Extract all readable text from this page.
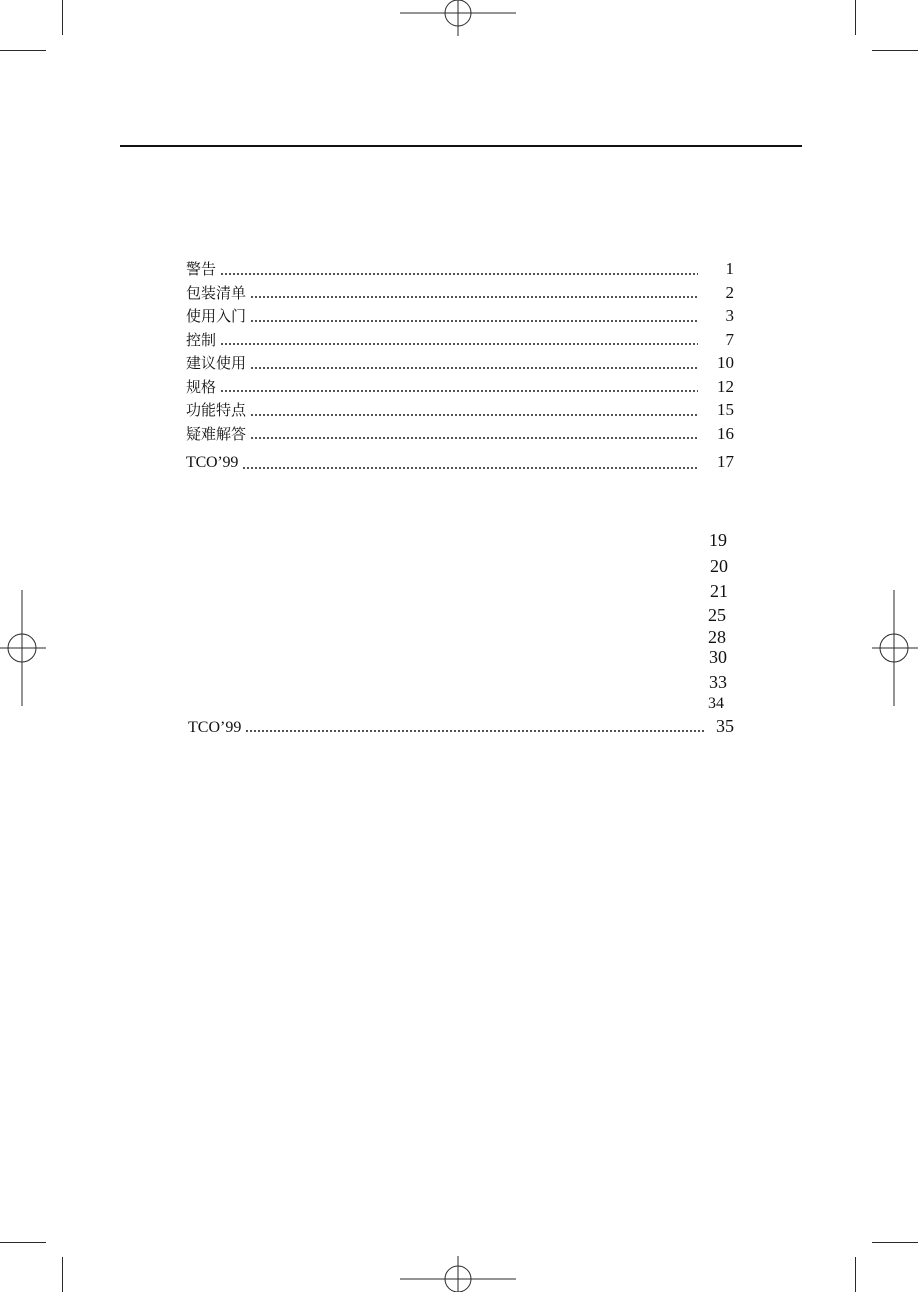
警告	1
包装清单	2
使用入门	3
控制	7
建议使用	10
规格	12
功能特点	15
疑难解答	16
TCO’99	17
19
20
21
25
28
30
33
34
TCO’99	35
